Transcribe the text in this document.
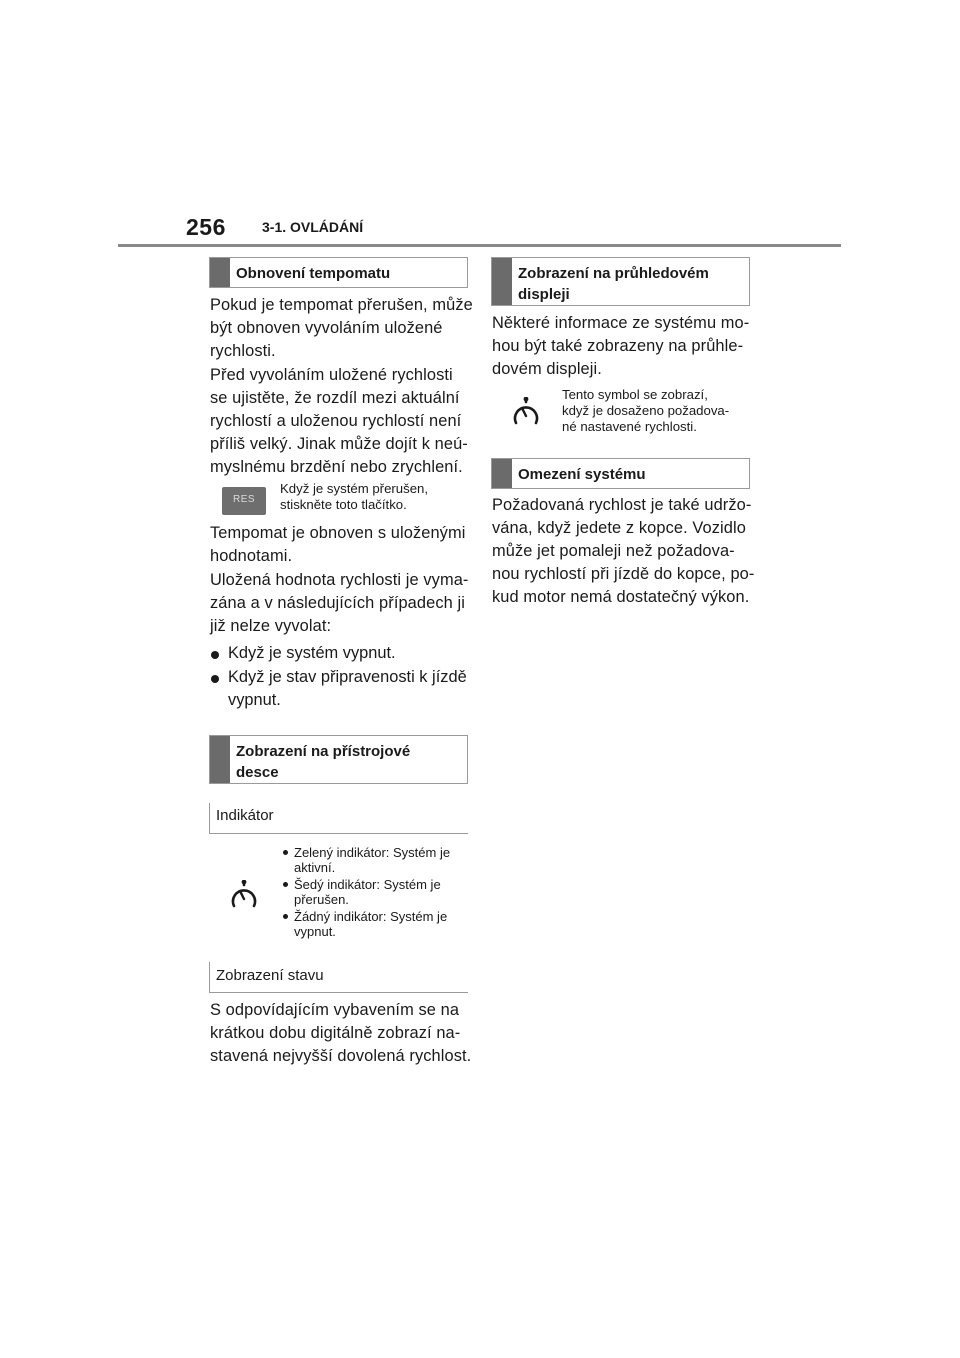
256	3-1. OVLÁDÁNÍ
Obnovení tempomatu

Pokud je tempomat přerušen, může
být obnoven vyvoláním uložené
rychlosti.

Před vyvoláním uložené rychlosti
se ujistěte, že rozdíl mezi aktuální
rychlostí a uloženou rychlostí není
příliš velký. Jinak může dojít k neú-
myslnému brzdění nebo zrychlení.

RES

Když je systém přerušen,
stiskněte toto tlačítko.

Tempomat je obnoven s uloženými
hodnotami.

Uložená hodnota rychlosti je vyma-
zána a v následujících případech ji
již nelze vyvolat:

Když je systém vypnut.
Když je stav připravenosti k jízdě
vypnut.
Zobrazení na přístrojové
desce
Indikátor
Zelený indikátor: Systém je
aktivní.
Šedý indikátor: Systém je
přerušen.
Žádný indikátor: Systém je
vypnut.
Zobrazení stavu

S odpovídajícím vybavením se na
krátkou dobu digitálně zobrazí na-
stavená nejvyšší dovolená rychlost.

Zobrazení na průhledovém
displeji

Některé informace ze systému mo-
hou být také zobrazeny na průhle-
dovém displeji.

Tento symbol se zobrazí,
když je dosaženo požadova-
né nastavené rychlosti.

Omezení systému

Požadovaná rychlost je také udržo-
vána, když jedete z kopce. Vozidlo
může jet pomaleji než požadova-
nou rychlostí při jízdě do kopce, po-
kud motor nemá dostatečný výkon.
